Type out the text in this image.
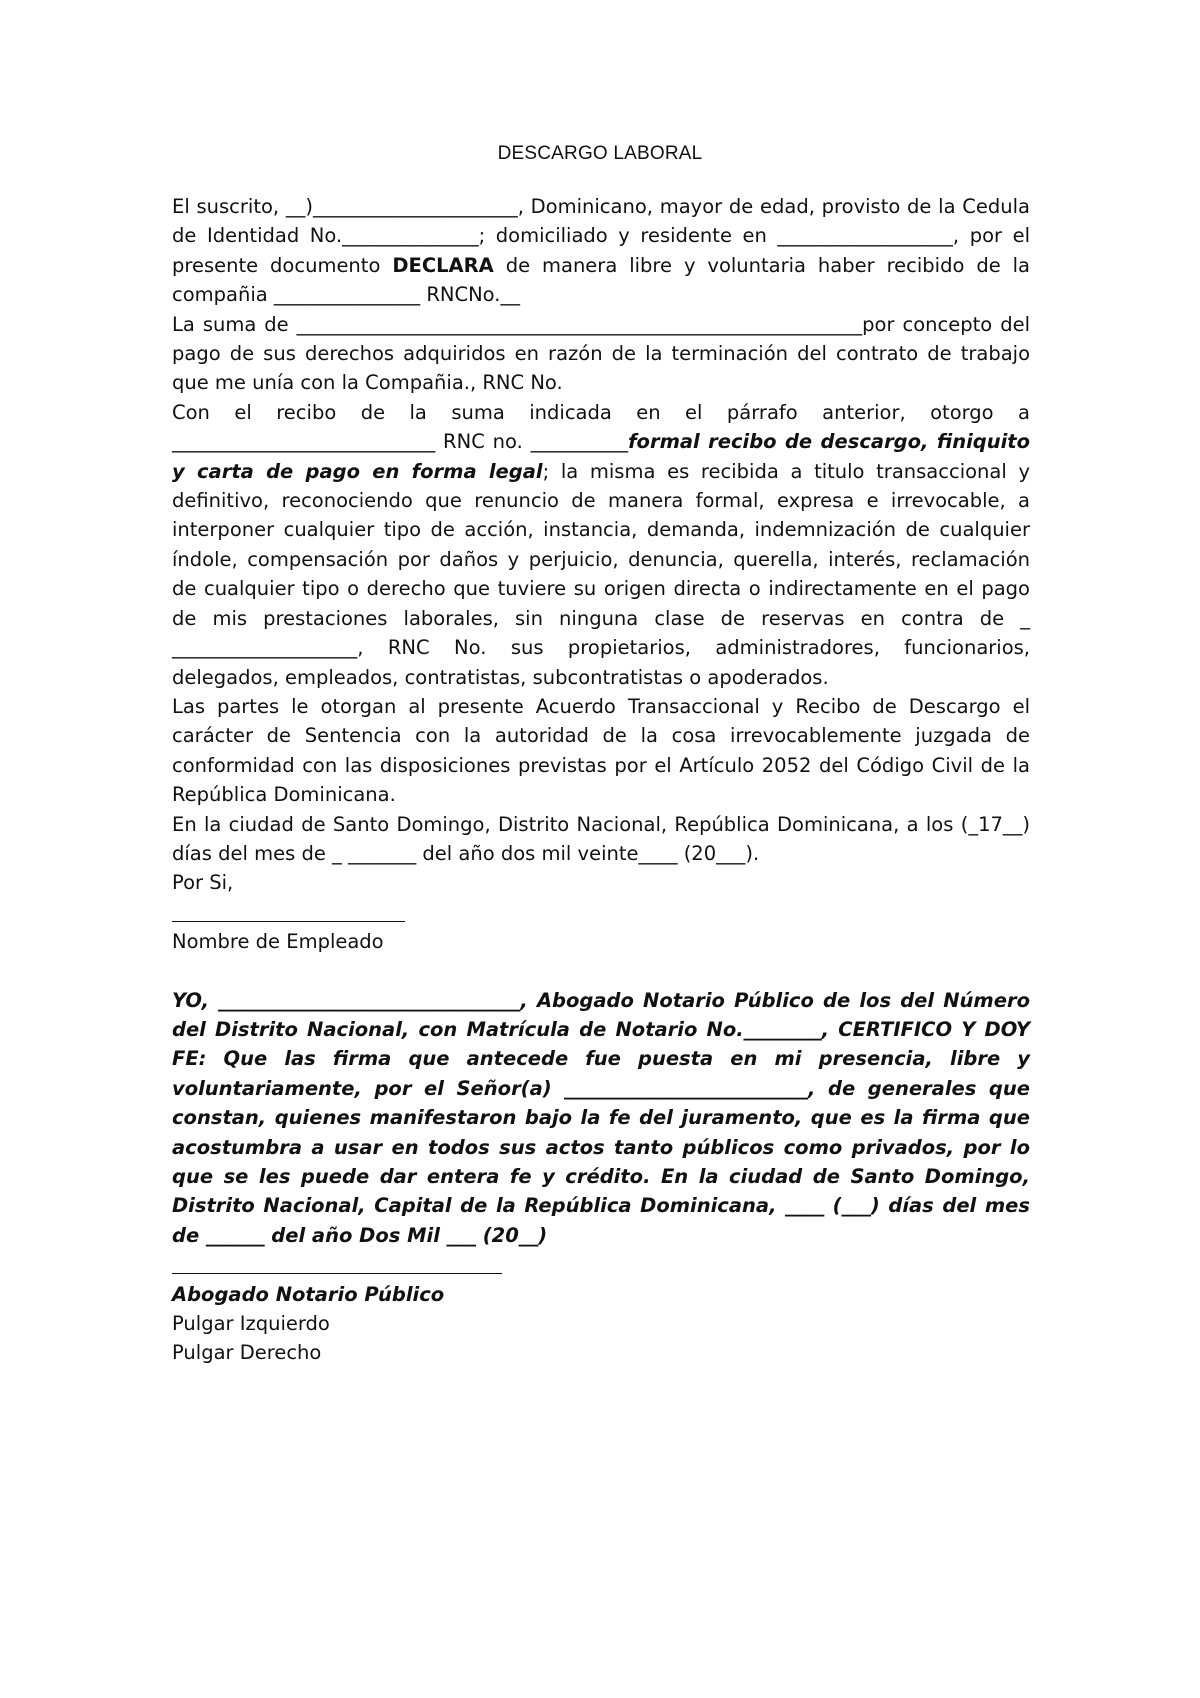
DESCARGO LABORAL

El suscrito, __)_____________________, Dominicano, mayor de edad, provisto de la Cedula de Identidad No.______________; domiciliado y residente en __________________, por el presente documento DECLARA de manera libre y voluntaria haber recibido de la compañia _______________ RNCNo.__

La suma de __________________________________________________________por concepto del pago de sus derechos adquiridos en razón de la terminación del contrato de trabajo que me unía con la Compañia., RNC No.

Con el recibo de la suma indicada en el párrafo anterior, otorgo a ___________________________ RNC no. __________formal recibo de descargo, finiquito y carta de pago en forma legal; la misma es recibida a titulo transaccional y definitivo, reconociendo que renuncio de manera formal, expresa e irrevocable, a interponer cualquier tipo de acción, instancia, demanda, indemnización de cualquier índole, compensación por daños y perjuicio, denuncia, querella, interés, reclamación de cualquier tipo o derecho que tuviere su origen directa o indirectamente en el pago de mis prestaciones laborales, sin ninguna clase de reservas en contra de _ ___________________, RNC No. sus propietarios, administradores, funcionarios, delegados, empleados, contratistas, subcontratistas o apoderados.

Las partes le otorgan al presente Acuerdo Transaccional y Recibo de Descargo el carácter de Sentencia con la autoridad de la cosa irrevocablemente juzgada de conformidad con las disposiciones previstas por el Artículo 2052 del Código Civil de la República Dominicana.

En la ciudad de Santo Domingo, Distrito Nacional, República Dominicana, a los (_17__) días del mes de _ _______ del año dos mil veinte____ (20___).

Por Si,

Nombre de Empleado

YO, _______________________________, Abogado Notario Público de los del Número del Distrito Nacional, con Matrícula de Notario No.________, CERTIFICO Y DOY FE: Que las firma que antecede fue puesta en mi presencia, libre y voluntariamente, por el Señor(a) _________________________, de generales que constan, quienes manifestaron bajo la fe del juramento, que es la firma que acostumbra a usar en todos sus actos tanto públicos como privados, por lo que se les puede dar entera fe y crédito. En la ciudad de Santo Domingo, Distrito Nacional, Capital de la República Dominicana, ____ (___) días del mes de ______ del año Dos Mil ___ (20__)

Abogado Notario Público

Pulgar Izquierdo

Pulgar Derecho
